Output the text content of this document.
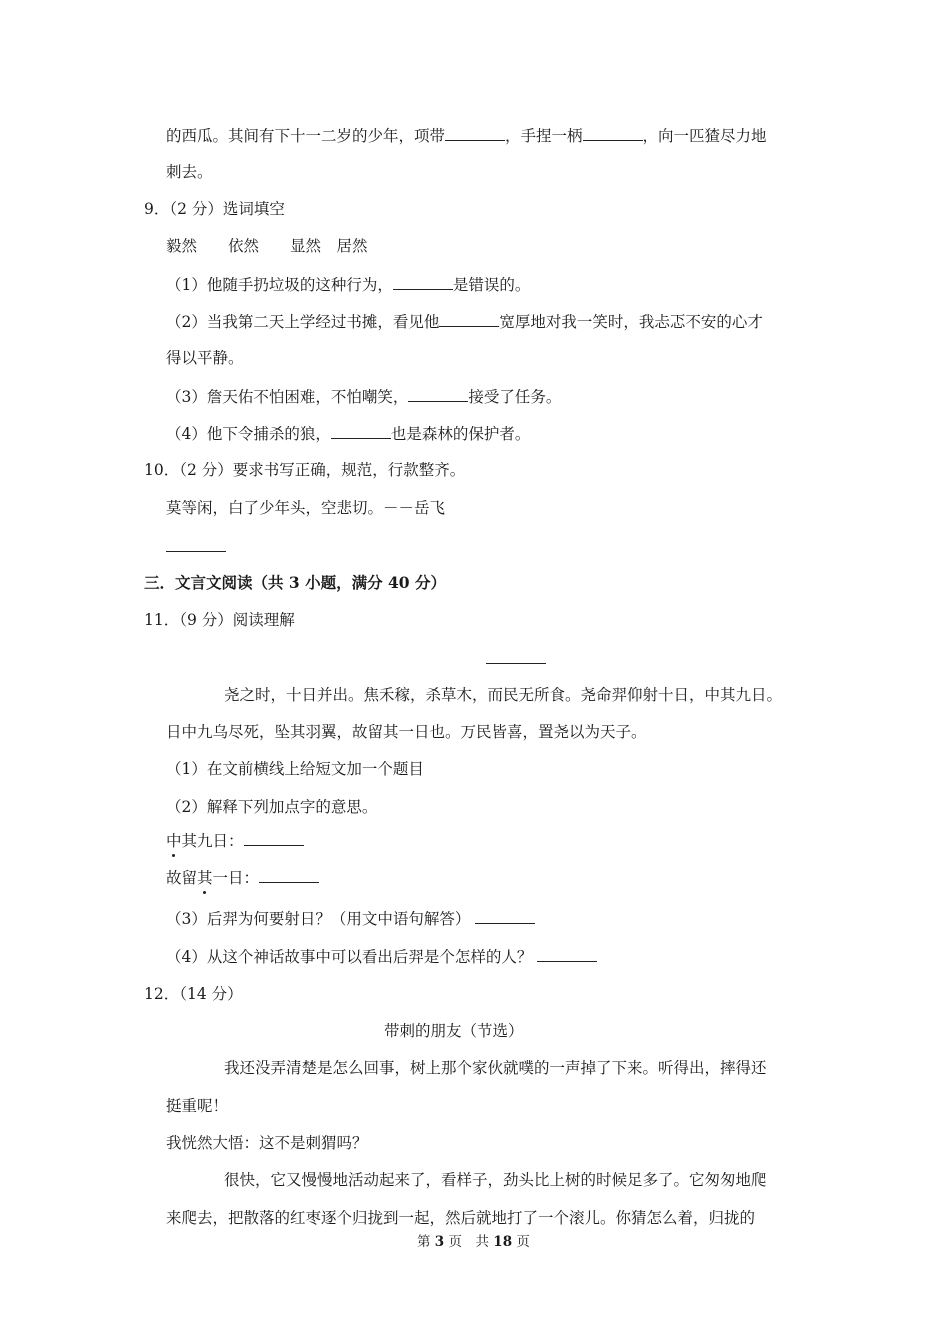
的西瓜。其间有下十一二岁的少年，项带	，手捏一柄	，向一匹猹尽力地
刺去。
9．（2 分）选词填空
毅然　　依然　　显然　居然
（1）他随手扔垃圾的这种行为，	是错误的。
（2）当我第二天上学经过书摊，看见他	宽厚地对我一笑时，我忐忑不安的心才
得以平静。
（3）詹天佑不怕困难，不怕嘲笑，	接受了任务。
（4）他下令捕杀的狼，	也是森林的保护者。
10．（2 分）要求书写正确，规范，行款整齐。
莫等闲，白了少年头，空悲切。－－岳飞
三．文言文阅读（共 3 小题，满分 40 分）
11．（9 分）阅读理解
尧之时，十日并出。焦禾稼，杀草木，而民无所食。尧命羿仰射十日，中其九日。
日中九乌尽死，坠其羽翼，故留其一日也。万民皆喜，置尧以为天子。
（1）在文前横线上给短文加一个题目
（2）解释下列加点字的意思。
中其九日：
故留其一日：
（3）后羿为何要射日？（用文中语句解答）
（4）从这个神话故事中可以看出后羿是个怎样的人？
12．（14 分）
带刺的朋友（节选）
我还没弄清楚是怎么回事，树上那个家伙就噗的一声掉了下来。听得出，摔得还
挺重呢！
我恍然大悟：这不是刺猬吗？
很快，它又慢慢地活动起来了，看样子，劲头比上树的时候足多了。它匆匆地爬
来爬去，把散落的红枣逐个归拢到一起，然后就地打了一个滚儿。你猜怎么着，归拢的
第 3 页　共 18 页
